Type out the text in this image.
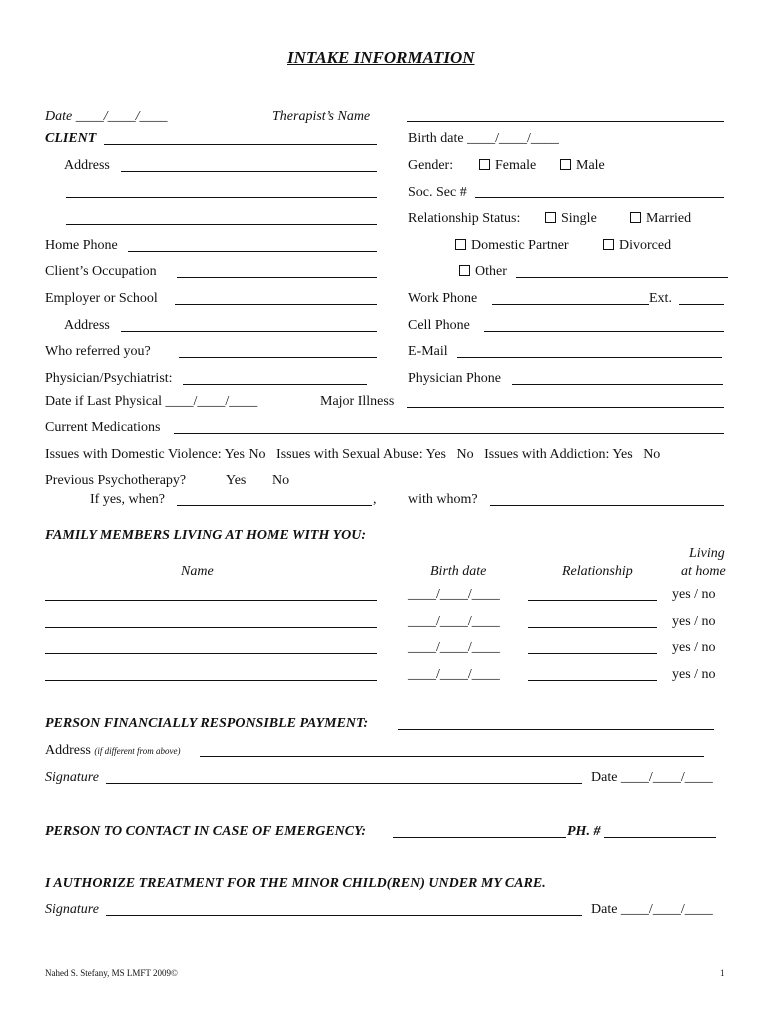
INTAKE INFORMATION
Date ____/____/____	Therapist’s Name
CLIENT	Birth date ____/____/____
Address	Gender:	Female	Male
Soc. Sec #
Relationship Status:	Single	Married
Home Phone	Domestic Partner	Divorced
Client’s Occupation	Other
Employer or School	Work Phone	Ext.
Address	Cell Phone
Who referred you?	E-Mail
Physician/Psychiatrist:	Physician Phone
Date if Last Physical ____/____/____	Major Illness
Current Medications
Issues with Domestic Violence: Yes No   Issues with Sexual Abuse: Yes   No   Issues with Addiction: Yes   No
Previous Psychotherapy?	Yes No
If yes, when?	, with whom?
FAMILY MEMBERS LIVING AT HOME WITH YOU:
Name	Birth date	Relationship
Living
at home
____/____/____	yes / no
____/____/____	yes / no
____/____/____	yes / no
____/____/____	yes / no
PERSON FINANCIALLY RESPONSIBLE PAYMENT:
Address (if different from above)
Signature	Date ____/____/____
PERSON TO CONTACT IN CASE OF EMERGENCY:	PH. #
I AUTHORIZE TREATMENT FOR THE MINOR CHILD(REN) UNDER MY CARE.
Signature	Date ____/____/____
Nahed S. Stefany, MS LMFT 2009©	1
